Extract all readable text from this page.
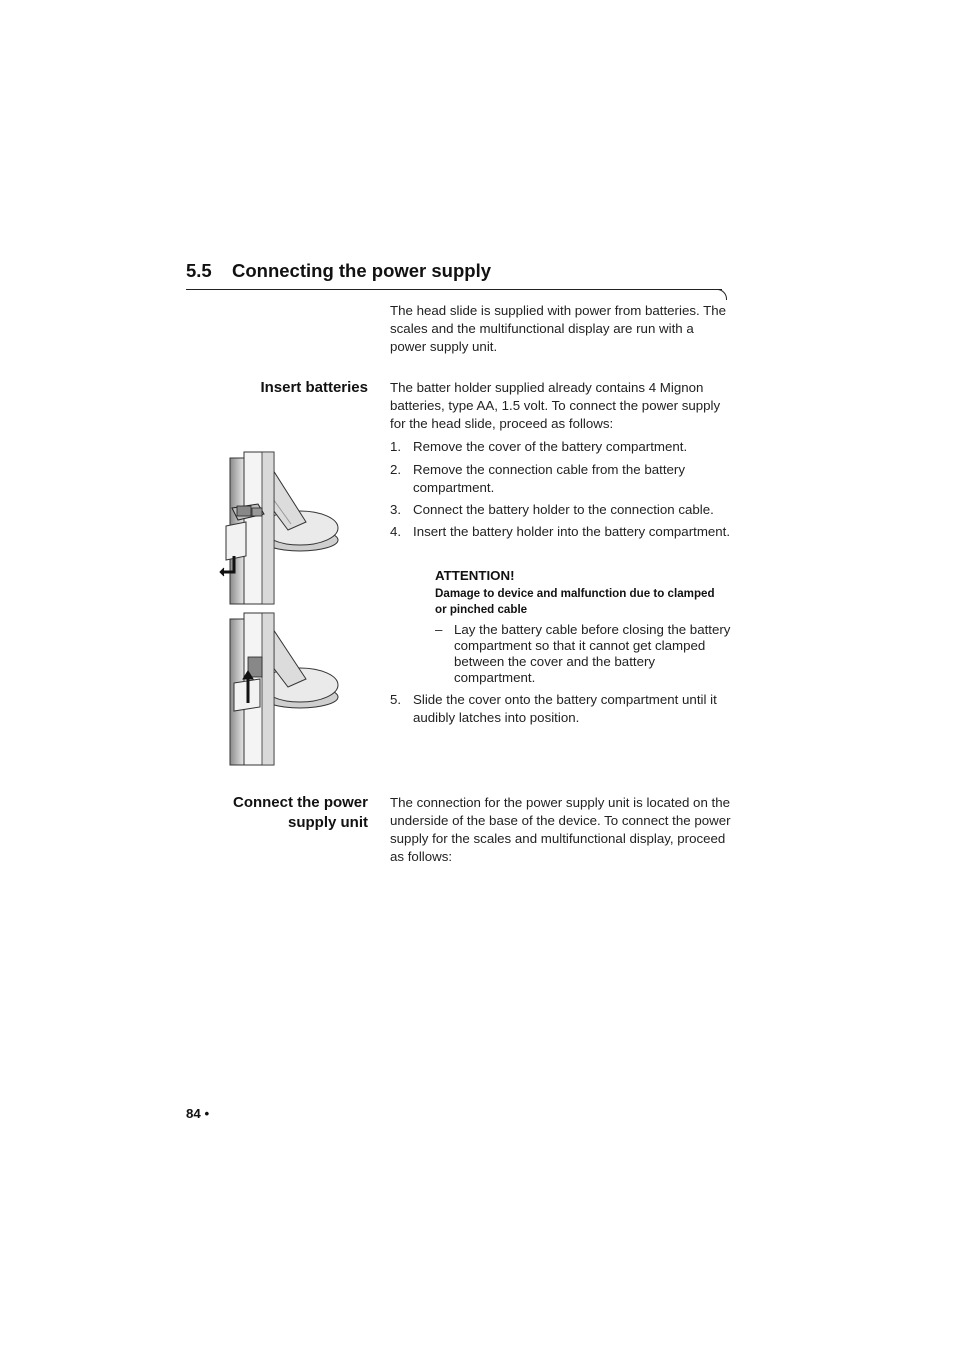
5.5 Connecting the power supply
The head slide is supplied with power from batteries. The scales and the multifunctional display are run with a power supply unit.
Insert batteries The batter holder supplied already contains 4 Mignon batteries, type AA, 1.5 volt. To connect the power supply for the head slide, proceed as follows:
1. Remove the cover of the battery compartment.
2. Remove the connection cable from the battery compartment.
3. Connect the battery holder to the connection cable.
4. Insert the battery holder into the battery compartment.
5. Slide the cover onto the battery compartment until it audibly latches into position.
ATTENTION!
Damage to device and malfunction due to clamped or pinched cable
– Lay the battery cable before closing the battery compartment so that it cannot get clamped between the cover and the battery compartment.
Connect the power
supply unit
The connection for the power supply unit is located on the underside of the base of the device. To connect the power supply for the scales and multifunctional display, proceed as follows:
84 •
